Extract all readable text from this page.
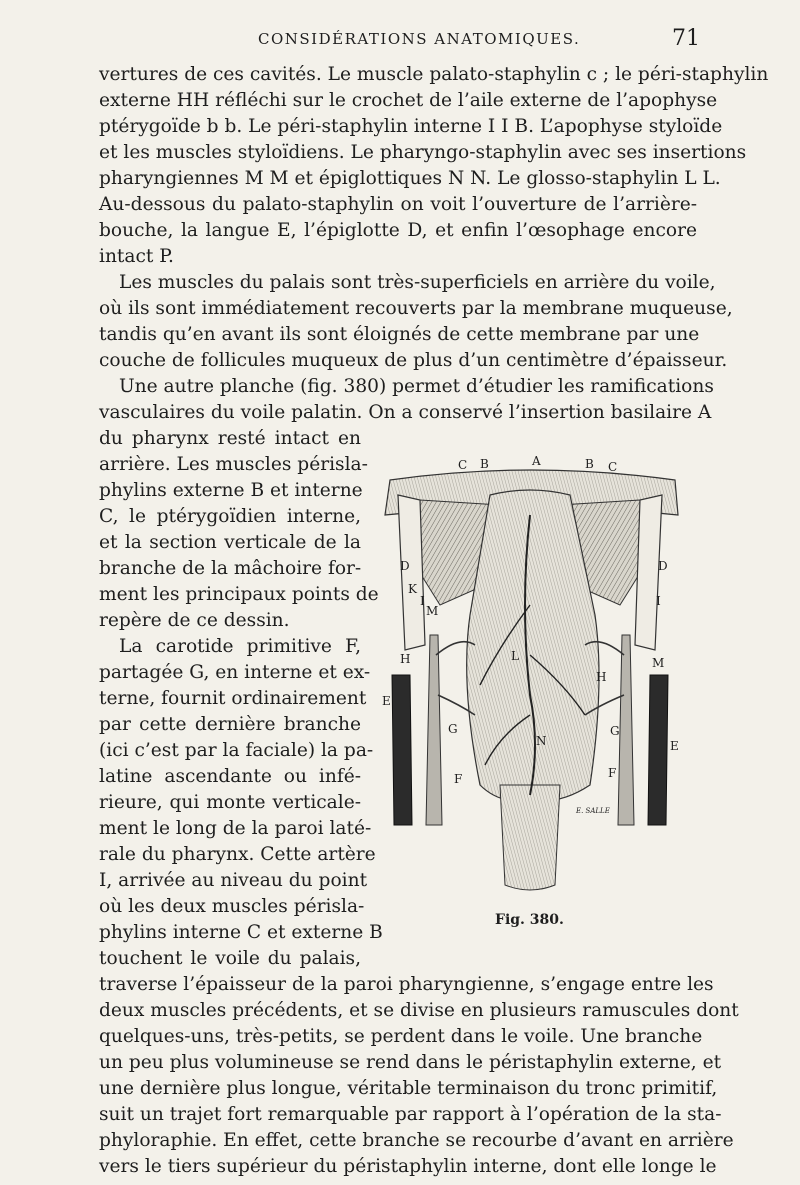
CONSIDÉRATIONS ANATOMIQUES.	71
vertures de ces cavités. Le muscle palato-staphylin c ; le péri-staphylin
externe HH réfléchi sur le crochet de l’aile externe de l’apophyse
ptérygoïde b b. Le péri-staphylin interne I I B. L’apophyse styloïde
et les muscles styloïdiens. Le pharyngo-staphylin avec ses insertions
pharyngiennes M M et épiglottiques N N. Le glosso-staphylin L L.
Au-dessous du palato-staphylin on voit l’ouverture de l’arrière-
bouche, la langue E, l’épiglotte D, et enfin l’œsophage encore
intact P.
Les muscles du palais sont très-superficiels en arrière du voile,
où ils sont immédiatement recouverts par la membrane muqueuse,
tandis qu’en avant ils sont éloignés de cette membrane par une
couche de follicules muqueux de plus d’un centimètre d’épaisseur.
Une autre planche (fig. 380) permet d’étudier les ramifications
vasculaires du voile palatin. On a conservé l’insertion basilaire A
du pharynx resté intact en
arrière. Les muscles périsla-
phylins externe B et interne
C, le ptérygoïdien interne,
et la section verticale de la
branche de la mâchoire for-
ment les principaux points de
repère de ce dessin.
La carotide primitive F,
partagée G, en interne et ex-
terne, fournit ordinairement
par cette dernière branche
(ici c’est par la faciale) la pa-
latine ascendante ou infé-
rieure, qui monte verticale-
ment le long de la paroi laté-
rale du pharynx. Cette artère
I, arrivée au niveau du point
où les deux muscles périsla-
phylins interne C et externe B
touchent le voile du palais,
traverse l’épaisseur de la paroi pharyngienne, s’engage entre les
deux muscles précédents, et se divise en plusieurs ramuscules dont
quelques-uns, très-petits, se perdent dans le voile. Une branche
un peu plus volumineuse se rend dans le péristaphylin externe, et
une dernière plus longue, véritable terminaison du tronc primitif,
suit un trajet fort remarquable par rapport à l’opération de la sta-
phyloraphie. En effet, cette branche se recourbe d’avant en arrière
vers le tiers supérieur du péristaphylin interne, dont elle longe le
C B	A	B C
D	D
K
I	I
M
M
H
H
E
E
L
N
G	G
F	F
E. SALLE
Fig. 380.
